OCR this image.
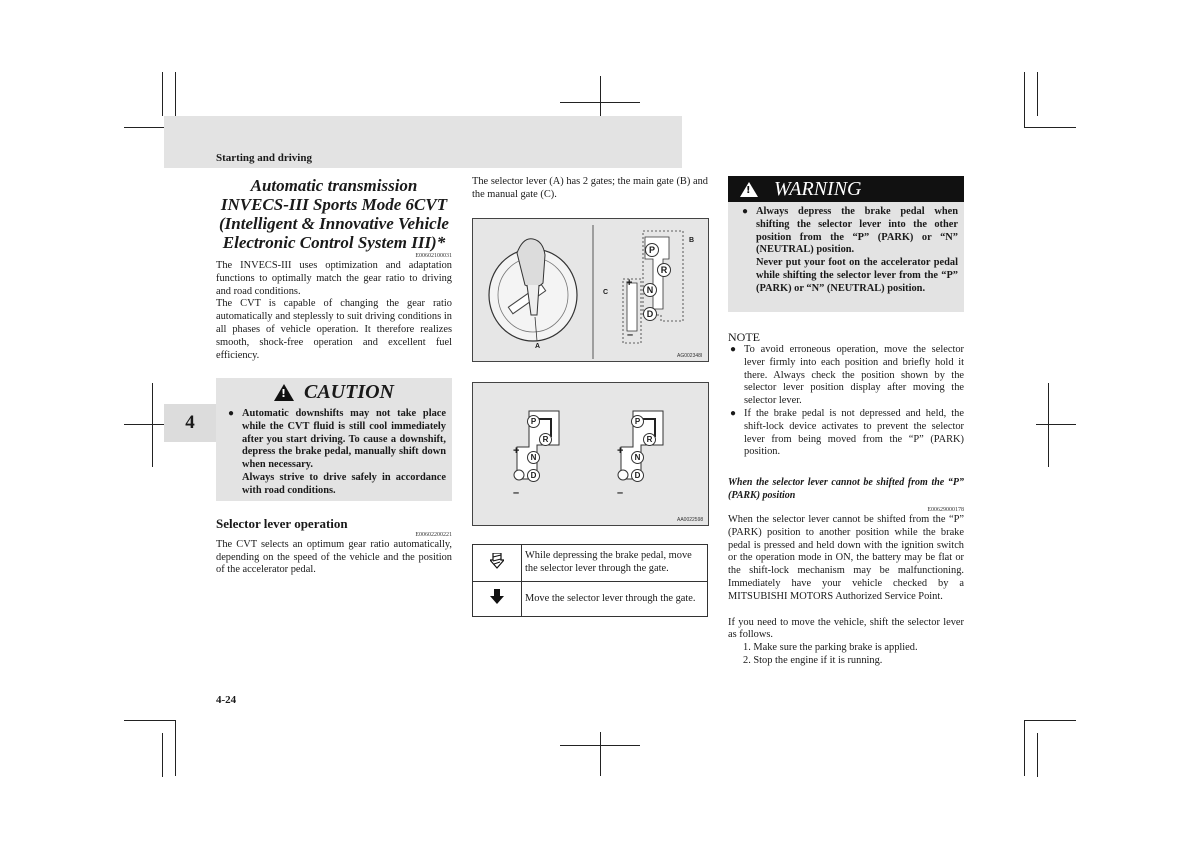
Starting and driving
4
4-24
Automatic transmission
INVECS-III Sports Mode 6CVT
(Intelligent & Innovative Vehicle
Electronic Control System III)*
E00602100031
The INVECS-III uses optimization and adaptation functions to optimally match the gear ratio to driving and road conditions.
The CVT is capable of changing the gear ratio automatically and steplessly to suit driving conditions in all phases of vehicle operation. It therefore realizes smooth, shock-free operation and excellent fuel efficiency.
!
CAUTION
● Automatic downshifts may not take place while the CVT fluid is still cool immediately after you start driving. To cause a downshift, depress the brake pedal, manually shift down when necessary.
Always strive to drive safely in accordance with road conditions.
Selector lever operation
E00602200221
The CVT selects an optimum gear ratio automatically, depending on the speed of the vehicle and the position of the accelerator pedal.
The selector lever (A) has 2 gates; the main gate (B) and the manual gate (C).
P
R
N
D
+
–
A
B
C
AG002348I
P
R
N
D
+
–
P
R
N
D
+
–
AA0022598
	While depressing the brake pedal, move the selector lever through the gate.
	Move the selector lever through the gate.
!
WARNING
● Always depress the brake pedal when shifting the selector lever into the other position from the “P” (PARK) or “N” (NEUTRAL) position.
Never put your foot on the accelerator pedal while shifting the selector lever from the “P” (PARK) or “N” (NEUTRAL) position.
NOTE
● To avoid erroneous operation, move the selector lever firmly into each position and briefly hold it there. Always check the position shown by the selector lever position display after moving the selector lever.
● If the brake pedal is not depressed and held, the shift-lock device activates to prevent the selector lever from being moved from the “P” (PARK) position.
When the selector lever cannot be shifted from the “P” (PARK) position
E00629000178
When the selector lever cannot be shifted from the “P” (PARK) position to another position while the brake pedal is pressed and held down with the ignition switch or the operation mode in ON, the battery may be flat or the shift-lock mechanism may be malfunctioning. Immediately have your vehicle checked by a MITSUBISHI MOTORS Authorized Service Point.
If you need to move the vehicle, shift the selector lever as follows.
1. Make sure the parking brake is applied.
2. Stop the engine if it is running.
